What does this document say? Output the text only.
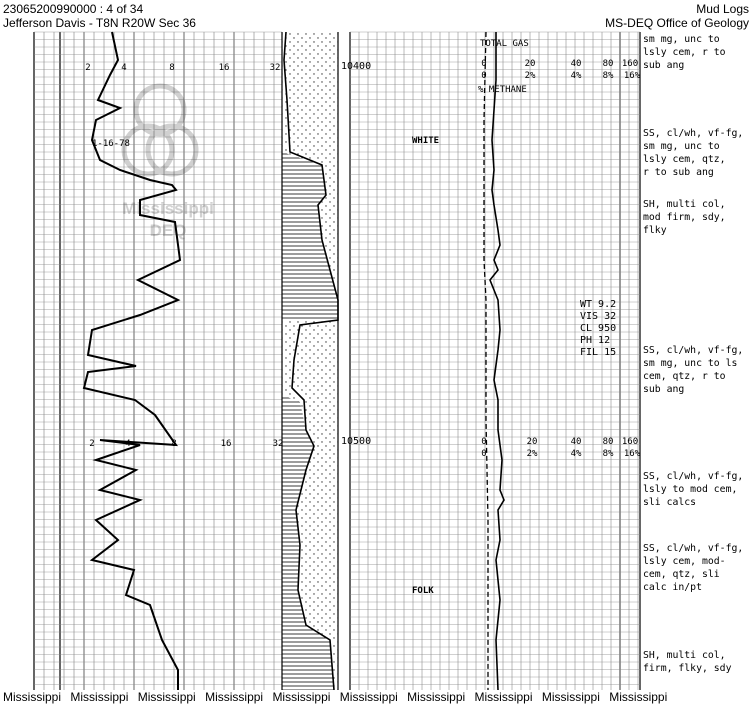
23065200990000 : 4 of 34
Jefferson Davis - T8N R20W Sec 36
Mud Logs
MS-DEQ Office of Geology
Mississippi
DEQ
2	4	8	16	32
2	4	8	16	32
1-16-78
10400
10500
TOTAL GAS
0	20	40 80 160
0	2%	4% 8% 16%
% METHANE
0	20	40 80 160
0	2%	4% 8% 16%
WHITE
FOLK
WT 9.2
VIS 32
CL 950
PH 12
FIL 15
sm mg, unc to
lsly cem, r to
sub ang
SS, cl/wh, vf-fg,
sm mg, unc to
lsly cem, qtz,
r to sub ang
SH, multi col,
mod firm, sdy,
flky
SS, cl/wh, vf-fg,
sm mg, unc to ls
cem, qtz, r to
sub ang
SS, cl/wh, vf-fg,
lsly to mod cem,
sli calcs
SS, cl/wh, vf-fg,
lsly cem, mod-
cem, qtz, sli
calc in/pt
SH, multi col,
firm, flky, sdy
Mississippi Mississippi Mississippi Mississippi Mississippi Mississippi Mississippi Mississippi Mississippi Mississippi
